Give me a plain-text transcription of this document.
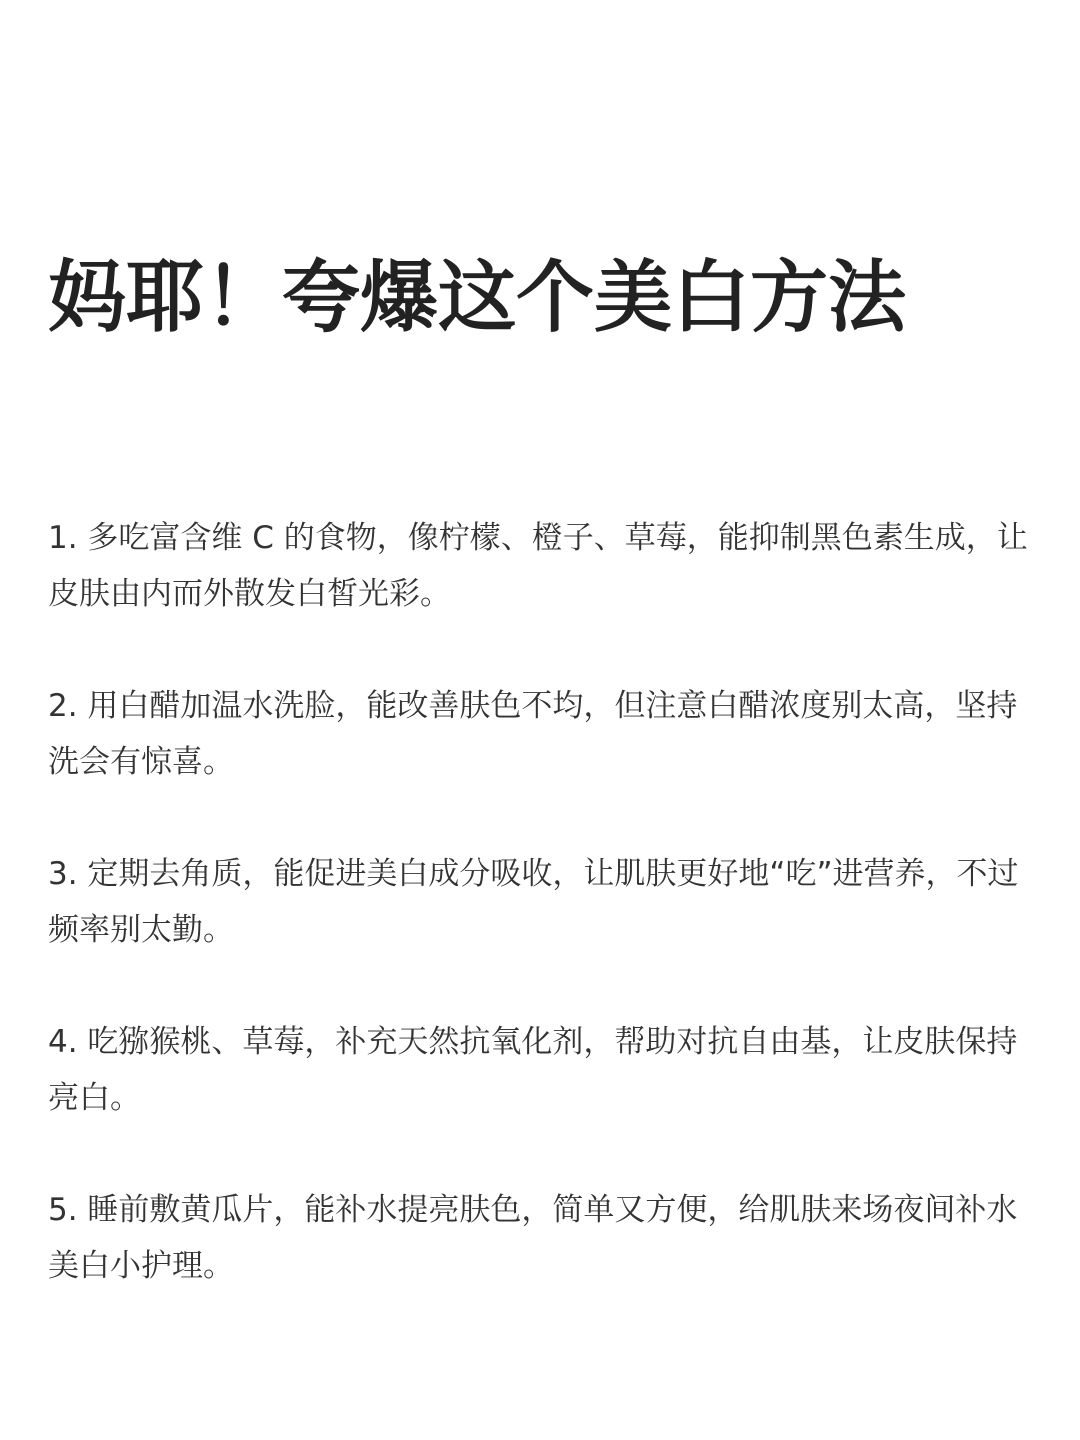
妈耶！夸爆这个美白方法
1. 多吃富含维 C 的食物，像柠檬、橙子、草莓，能抑制黑色素生成，让皮肤由内而外散发白皙光彩。
2. 用白醋加温水洗脸，能改善肤色不均，但注意白醋浓度别太高，坚持洗会有惊喜。
3. 定期去角质，能促进美白成分吸收，让肌肤更好地“吃”进营养，不过频率别太勤。
4. 吃猕猴桃、草莓，补充天然抗氧化剂，帮助对抗自由基，让皮肤保持亮白。
5. 睡前敷黄瓜片，能补水提亮肤色，简单又方便，给肌肤来场夜间补水美白小护理。
